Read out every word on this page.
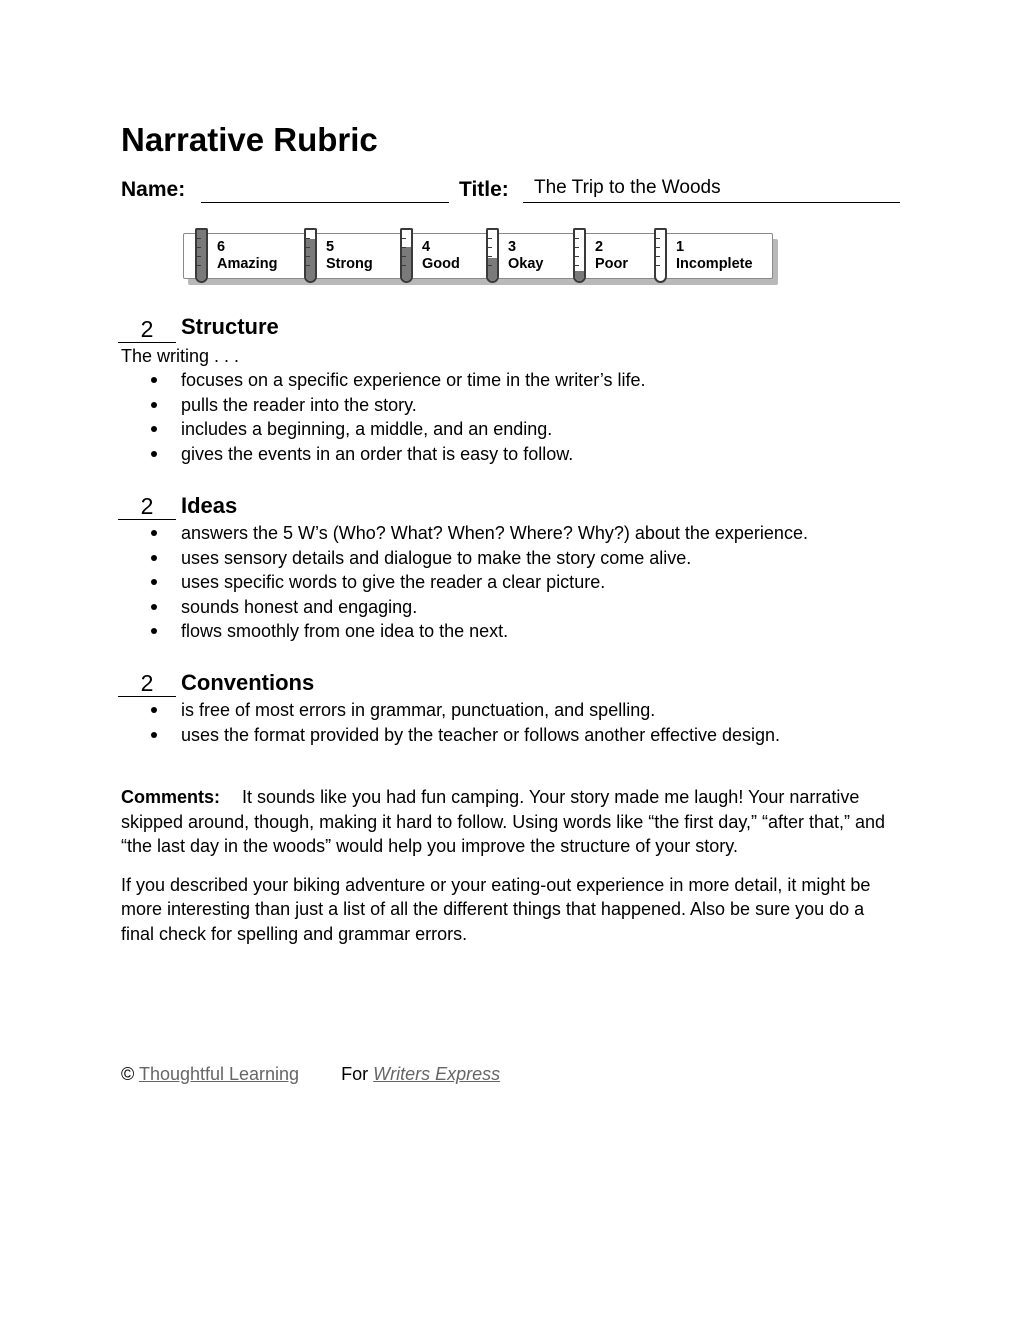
Narrative Rubric
Name:	Title: The Trip to the Woods
6
Amazing
5
Strong
4
Good
3
Okay
2
Poor
1
Incomplete
2	Structure
The writing . . .
focuses on a specific experience or time in the writer’s life.
pulls the reader into the story.
includes a beginning, a middle, and an ending.
gives the events in an order that is easy to follow.
2	Ideas
answers the 5 W’s (Who? What? When? Where? Why?) about the experience.
uses sensory details and dialogue to make the story come alive.
uses specific words to give the reader a clear picture.
sounds honest and engaging.
flows smoothly from one idea to the next.
2	Conventions
is free of most errors in grammar, punctuation, and spelling.
uses the format provided by the teacher or follows another effective design.

Comments: It sounds like you had fun camping. Your story made me laugh! Your narrative skipped around, though, making it hard to follow. Using words like “the first day,” “after that,” and “the last day in the woods” would help you improve the structure of your story.

If you described your biking adventure or your eating-out experience in more detail, it might be more interesting than just a list of all the different things that happened. Also be sure you do a final check for spelling and grammar errors.

© Thoughtful Learning For Writers Express
